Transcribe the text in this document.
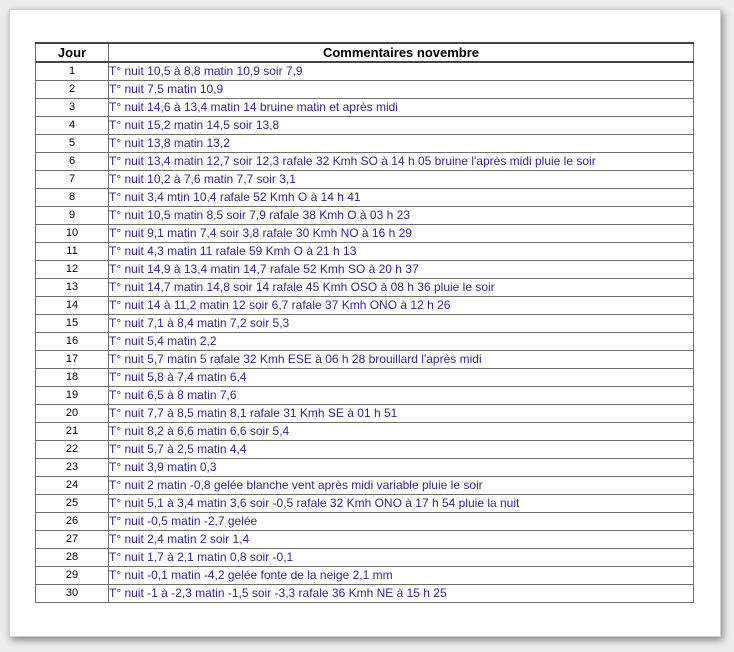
Jour	Commentaires novembre
1	T° nuit 10,5 à 8,8 matin 10,9 soir 7,9
2	T° nuit 7,5 matin 10,9
3	T° nuit 14,6 à 13,4 matin 14 bruine matin et après midi
4	T° nuit 15,2 matin 14,5 soir 13,8
5	T° nuit 13,8 matin 13,2
6	T° nuit 13,4 matin 12,7 soir 12,3 rafale 32 Kmh SO à 14 h 05 bruine l'après midi pluie le soir
7	T° nuit 10,2 à 7,6 matin 7,7 soir 3,1
8	T° nuit 3,4 mtin 10,4 rafale 52 Kmh O à 14 h 41
9	T° nuit 10,5 matin 8,5 soir 7,9 rafale 38 Kmh O à 03 h 23
10	T° nuit 9,1 matin 7,4 soir 3,8 rafale 30 Kmh NO à 16 h 29
11	T° nuit 4,3 matin 11 rafale 59 Kmh O à 21 h 13
12	T° nuit 14,9 à 13,4 matin 14,7 rafale 52 Kmh SO à 20 h 37
13	T° nuit 14,7 matin 14,8 soir 14 rafale 45 Kmh OSO à 08 h 36 pluie le soir
14	T° nuit 14 à 11,2 matin 12 soir 6,7 rafale 37 Kmh ONO à 12 h 26
15	T° nuit 7,1 à 8,4 matin 7,2 soir 5,3
16	T° nuit 5,4 matin 2,2
17	T° nuit 5,7 matin 5 rafale 32 Kmh ESE à 06 h 28 brouillard l'après midi
18	T° nuit 5,8 à 7,4 matin 6,4
19	T° nuit 6,5 à 8 matin 7,6
20	T° nuit 7,7 à 8,5 matin 8,1 rafale 31 Kmh SE à 01 h 51
21	T° nuit 8,2 à 6,6 matin 6,6 soir 5,4
22	T° nuit 5,7 à 2,5 matin 4,4
23	T° nuit 3,9 matin 0,3
24	T° nuit 2 matin -0,8 gelée blanche vent après midi variable pluie le soir
25	T° nuit 5,1 à 3,4 matin 3,6 soir -0,5 rafale 32 Kmh ONO à 17 h 54 pluie la nuit
26	T° nuit -0,5 matin -2,7 gelée
27	T° nuit 2,4 matin 2 soir 1,4
28	T° nuit 1,7 à 2,1 matin 0,8 soir -0,1
29	T° nuit -0,1 matin -4,2 gelée fonte de la neige 2,1 mm
30	T° nuit -1 à -2,3 matin -1,5 soir -3,3 rafale 36 Kmh NE à 15 h 25
